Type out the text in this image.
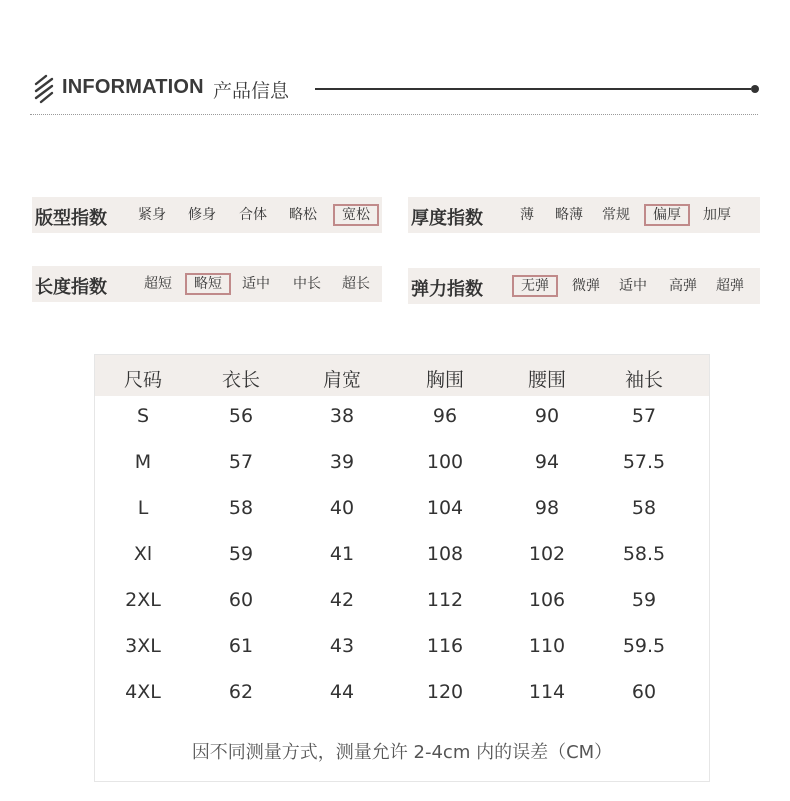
INFORMATION 产品信息
版型指数	紧身	修身	合体	略松	宽松	厚度指数	薄	略薄	常规	偏厚	加厚
长度指数	超短	略短	适中	中长	超长	弹力指数	无弹	微弹	适中	高弹	超弹
尺码	衣长	肩宽	胸围	腰围	袖长
S	56	38	96	90	57
M	57	39	100	94	57.5
L	58	40	104	98	58
Xl	59	41	108	102	58.5
2XL	60	42	112	106	59
3XL	61	43	116	110	59.5
4XL	62	44	120	114	60
因不同测量方式，测量允许 2-4cm 内的误差（CM）
